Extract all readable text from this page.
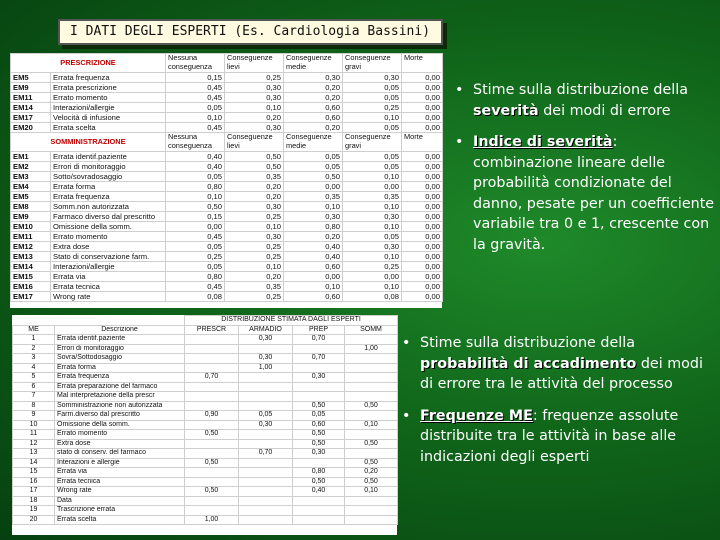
I DATI DEGLI ESPERTI (Es. Cardiologia Bassini)
PRESCRIZIONE		Nessuna conseguenza	Conseguenze lievi	Conseguenze medie	Conseguenze gravi	Morte
EM5	Errata frequenza	0,15	0,25	0,30	0,30	0,00
EM9	Errata prescrizione	0,45	0,30	0,20	0,05	0,00
EM11	Errato momento	0,45	0,30	0,20	0,05	0,00
EM14	Interazioni/allergie	0,05	0,10	0,60	0,25	0,00
EM17	Velocità di infusione	0,10	0,20	0,60	0,10	0,00
EM20	Errata scelta	0,45	0,30	0,20	0,05	0,00
SOMMINISTRAZIONE		Nessuna conseguenza	Conseguenze lievi	Conseguenze medie	Conseguenze gravi	Morte
EM1	Errata identif.paziente	0,40	0,50	0,05	0,05	0,00
EM2	Errori di monitoraggio	0,40	0,50	0,05	0,05	0,00
EM3	Sotto/sovradosaggio	0,05	0,35	0,50	0,10	0,00
EM4	Errata forma	0,80	0,20	0,00	0,00	0,00
EM5	Errata frequenza	0,10	0,20	0,35	0,35	0,00
EM8	Somm.non autorizzata	0,50	0,30	0,10	0,10	0,00
EM9	Farmaco diverso dal prescritto	0,15	0,25	0,30	0,30	0,00
EM10	Omissione della somm.	0,00	0,10	0,80	0,10	0,00
EM11	Errato momento	0,45	0,30	0,20	0,05	0,00
EM12	Extra dose	0,05	0,25	0,40	0,30	0,00
EM13	Stato di conservazione farm.	0,25	0,25	0,40	0,10	0,00
EM14	Interazioni/allergie	0,05	0,10	0,60	0,25	0,00
EM15	Errata via	0,80	0,20	0,00	0,00	0,00
EM16	Errata tecnica	0,45	0,35	0,10	0,10	0,00
EM17	Wrong rate	0,08	0,25	0,60	0,08	0,00
		DISTRIBUZIONE STIMATA DAGLI ESPERTI			
ME	Descrizione	PRESCR	ARMADIO	PREP	SOMM
1	Errata identif.paziente		0,30	0,70	
2	Errori di monitoraggio				1,00
3	Sovra/Sottodosaggio		0,30	0,70	
4	Errata forma		1,00		
5	Errata frequenza	0,70		0,30	
6	Errata preparazione del farmaco				
7	Mal interpretazione della prescr				
8	Somministrazione non autorizzata			0,50	0,50
9	Farm.diverso dal prescritto	0,90	0,05	0,05	
10	Omissione della somm.		0,30	0,60	0,10
11	Errato momento	0,50		0,50	
12	Extra dose			0,50	0,50
13	stato di conserv. del farmaco		0,70	0,30	
14	Interazioni e allergie	0,50			0,50
15	Errata via			0,80	0,20
16	Errata tecnica			0,50	0,50
17	Wrong rate	0,50		0,40	0,10
18	Data				
19	Trascrizione errata				
20	Errata scelta	1,00			
• Stime sulla distribuzione della severità dei modi di errore
• Indice di severità: combinazione lineare delle probabilità condizionate del danno, pesate per un coefficiente variabile tra 0 e 1, crescente con la gravità.
• Stime sulla distribuzione della probabilità di accadimento dei modi di errore tra le attività del processo
• Frequenze ME: frequenze assolute distribuite tra le attività in base alle indicazioni degli esperti
